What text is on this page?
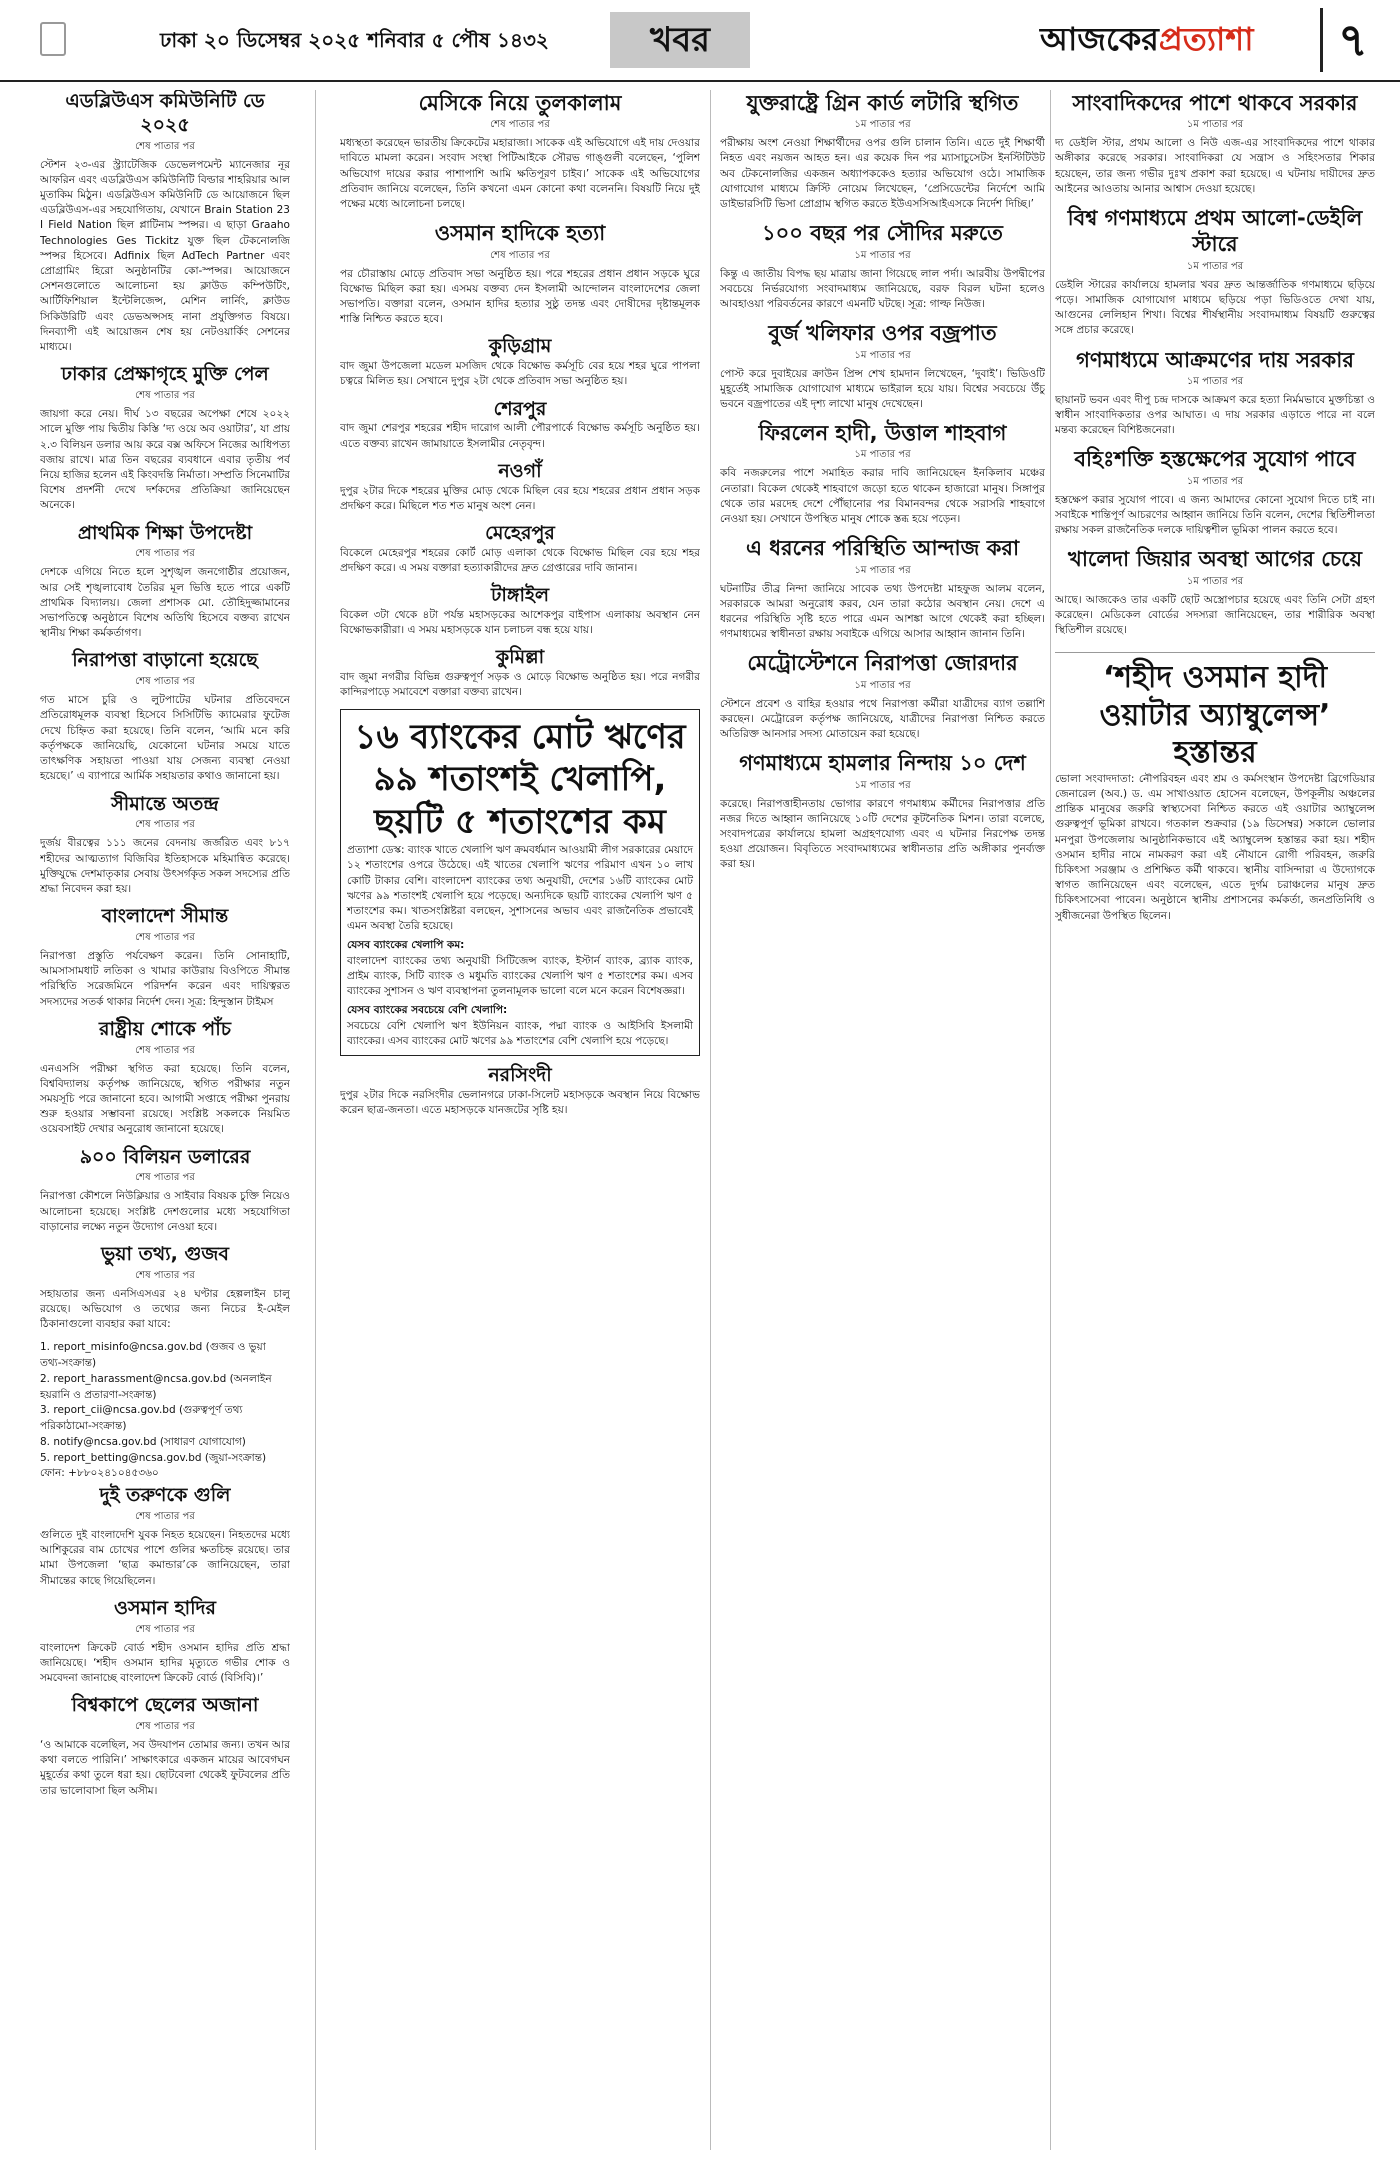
ঢাকা ২০ ডিসেম্বর ২০২৫ শনিবার ৫ পৌষ ১৪৩২	খবর	আজকেরপ্রত্যাশা	৭
এডব্লিউএস কমিউনিটি ডে ২০২৫
শেষ পাতার পর

স্টেশন ২৩-এর স্ট্র্যাটেজিক ডেভেলপমেন্ট ম্যানেজার নূর আফরিন এবং এডব্লিউএস কমিউনিটি বিল্ডার শাহরিয়ার আল মুতাকিম মিঠুন। এডব্লিউএস কমিউনিটি ডে আয়োজনে ছিল এডব্লিউএস-এর সহযোগিতায়, যেখানে Brain Station 23 I Field Nation ছিল প্লাটিনাম স্পন্সর। এ ছাড়া Graaho Technologies Ges Tickitz যুক্ত ছিল টেকনোলজি স্পন্সর হিসেবে। Adfinix ছিল AdTech Partner এবং প্রোগ্রামিং হিরো অনুষ্ঠানটির কো-স্পন্সর। আয়োজনে সেশনগুলোতে আলোচনা হয় ক্লাউড কম্পিউটিং, আর্টিফিশিয়াল ইন্টেলিজেন্স, মেশিন লার্নিং, ক্লাউড সিকিউরিটি এবং ডেভঅপ্সসহ নানা প্রযুক্তিগত বিষয়ে। দিনব্যাপী এই আয়োজন শেষ হয় নেটওয়ার্কিং সেশনের মাধ্যমে।

ঢাকার প্রেক্ষাগৃহে মুক্তি পেল
শেষ পাতার পর

জায়গা করে নেয়। দীর্ঘ ১৩ বছরের অপেক্ষা শেষে ২০২২ সালে মুক্তি পায় দ্বিতীয় কিস্তি ‘দ্য ওয়ে অব ওয়াটার’, যা প্রায় ২.৩ বিলিয়ন ডলার আয় করে বক্স অফিসে নিজের আধিপত্য বজায় রাখে। মাত্র তিন বছরের ব্যবধানে এবার তৃতীয় পর্ব নিয়ে হাজির হলেন এই কিংবদন্তি নির্মাতা। সম্প্রতি সিনেমাটির বিশেষ প্রদর্শনী দেখে দর্শকদের প্রতিক্রিয়া জানিয়েছেন অনেকে।

প্রাথমিক শিক্ষা উপদেষ্টা
শেষ পাতার পর

দেশকে এগিয়ে নিতে হলে সুশৃঙ্খল জনগোষ্ঠীর প্রয়োজন, আর সেই শৃঙ্খলাবোধ তৈরির মূল ভিত্তি হতে পারে একটি প্রাথমিক বিদ্যালয়। জেলা প্রশাসক মো. তৌহিদুজ্জামানের সভাপতিত্বে অনুষ্ঠানে বিশেষ অতিথি হিসেবে বক্তব্য রাখেন স্থানীয় শিক্ষা কর্মকর্তাগণ।

নিরাপত্তা বাড়ানো হয়েছে
শেষ পাতার পর

গত মাসে চুরি ও লুটপাটের ঘটনার প্রতিবেদনে প্রতিরোধমূলক ব্যবস্থা হিসেবে সিসিটিভি ক্যামেরার ফুটেজ দেখে চিহ্নিত করা হয়েছে। তিনি বলেন, ‘আমি মনে করি কর্তৃপক্ষকে জানিয়েছি, যেকোনো ঘটনার সময়ে যাতে তাৎক্ষণিক সহায়তা পাওয়া যায় সেজন্য ব্যবস্থা নেওয়া হয়েছে।’ এ ব্যাপারে আর্মিক সহায়তার কথাও জানানো হয়।

সীমান্তে অতন্দ্র
শেষ পাতার পর

দুর্জয় বীরত্বের ১১১ জনের বেদনায় জর্জরিত এবং ৮১৭ শহীদের আত্মত্যাগ বিজিবির ইতিহাসকে মহিমান্বিত করেছে। মুক্তিযুদ্ধে দেশমাতৃকার সেবায় উৎসর্গকৃত সকল সদস্যের প্রতি শ্রদ্ধা নিবেদন করা হয়।

বাংলাদেশ সীমান্ত
শেষ পাতার পর

নিরাপত্তা প্রস্তুতি পর্যবেক্ষণ করেন। তিনি সোনাহাটি, আমসাসামধাট লতিকা ও খামার কাউরায় বিওপিতে সীমান্ত পরিস্থিতি সরেজমিনে পরিদর্শন করেন এবং দায়িত্বরত সদস্যদের সতর্ক থাকার নির্দেশ দেন। সূত্র: হিন্দুস্তান টাইমস

রাষ্ট্রীয় শোকে পাঁচ
শেষ পাতার পর

এনএসসি পরীক্ষা স্থগিত করা হয়েছে। তিনি বলেন, বিশ্ববিদ্যালয় কর্তৃপক্ষ জানিয়েছে, স্থগিত পরীক্ষার নতুন সময়সূচি পরে জানানো হবে। আগামী সপ্তাহে পরীক্ষা পুনরায় শুরু হওয়ার সম্ভাবনা রয়েছে। সংশ্লিষ্ট সকলকে নিয়মিত ওয়েবসাইট দেখার অনুরোধ জানানো হয়েছে।

৯০০ বিলিয়ন ডলারের
শেষ পাতার পর

নিরাপত্তা কৌশলে নিউক্লিয়ার ও সাইবার বিষয়ক চুক্তি নিয়েও আলোচনা হয়েছে। সংশ্লিষ্ট দেশগুলোর মধ্যে সহযোগিতা বাড়ানোর লক্ষ্যে নতুন উদ্যোগ নেওয়া হবে।

ভুয়া তথ্য, গুজব
শেষ পাতার পর

সহায়তার জন্য এনসিএসএর ২৪ ঘণ্টার হেল্পলাইন চালু রয়েছে। অভিযোগ ও তথ্যের জন্য নিচের ই-মেইল ঠিকানাগুলো ব্যবহার করা যাবে:

1. report_misinfo@ncsa.gov.bd (গুজব ও ভুয়া তথ্য-সংক্রান্ত)
2. report_harassment@ncsa.gov.bd (অনলাইন হয়রানি ও প্রতারণা-সংক্রান্ত)
3. report_cii@ncsa.gov.bd (গুরুত্বপূর্ণ তথ্য পরিকাঠামো-সংক্রান্ত)
8. notify@ncsa.gov.bd (সাধারণ যোগাযোগ)
5. report_betting@ncsa.gov.bd (জুয়া-সংক্রান্ত)
ফোন: +৮৮০২৪১০৪৫৩৬০
দুই তরুণকে গুলি
শেষ পাতার পর

গুলিতে দুই বাংলাদেশি যুবক নিহত হয়েছেন। নিহতদের মধ্যে আশিকুরের বাম চোখের পাশে গুলির ক্ষতচিহ্ন রয়েছে। তার মামা উপজেলা ‘ছাত্র কমান্ডার’কে জানিয়েছেন, তারা সীমান্তের কাছে গিয়েছিলেন।

ওসমান হাদির
শেষ পাতার পর

বাংলাদেশ ক্রিকেট বোর্ড শহীদ ওসমান হাদির প্রতি শ্রদ্ধা জানিয়েছে। ‘শহীদ ওসমান হাদির মৃত্যুতে গভীর শোক ও সমবেদনা জানাচ্ছে বাংলাদেশ ক্রিকেট বোর্ড (বিসিবি)।’

বিশ্বকাপে ছেলের অজানা
শেষ পাতার পর

‘ও আমাকে বলেছিল, সব উদযাপন তোমার জন্য। তখন আর কথা বলতে পারিনি।’ সাক্ষাৎকারে একজন মায়ের আবেগঘন মুহূর্তের কথা তুলে ধরা হয়। ছোটবেলা থেকেই ফুটবলের প্রতি তার ভালোবাসা ছিল অসীম।

মেসিকে নিয়ে তুলকালাম
শেষ পাতার পর

মধ্যস্থতা করেছেন ভারতীয় ক্রিকেটের মহারাজা। সাকেক এই অভিযোগে এই দায় দেওয়ার দাবিতে মামলা করেন। সংবাদ সংস্থা পিটিআইকে সৌরভ গাঙ্গুলী বলেছেন, ‘পুলিশ অভিযোগ দায়ের করার পাশাপাশি আমি ক্ষতিপূরণ চাইব।’ সাকেক এই অভিযোগের প্রতিবাদ জানিয়ে বলেছেন, তিনি কখনো এমন কোনো কথা বলেননি। বিষয়টি নিয়ে দুই পক্ষের মধ্যে আলোচনা চলছে।

ওসমান হাদিকে হত্যা
শেষ পাতার পর

পর চৌরাস্তায় মোড়ে প্রতিবাদ সভা অনুষ্ঠিত হয়। পরে শহরের প্রধান প্রধান সড়কে ঘুরে বিক্ষোভ মিছিল করা হয়। এসময় বক্তব্য দেন ইসলামী আন্দোলন বাংলাদেশের জেলা সভাপতি। বক্তারা বলেন, ওসমান হাদির হত্যার সুষ্ঠু তদন্ত এবং দোষীদের দৃষ্টান্তমূলক শাস্তি নিশ্চিত করতে হবে।

কুড়িগ্রাম

বাদ জুমা উপজেলা মডেল মসজিদ থেকে বিক্ষোভ কর্মসূচি বের হয়ে শহর ঘুরে পাপলা চত্বরে মিলিত হয়। সেখানে দুপুর ২টা থেকে প্রতিবাদ সভা অনুষ্ঠিত হয়।

শেরপুর

বাদ জুমা শেরপুর শহরের শহীদ দারোগ আলী পৌরপার্কে বিক্ষোভ কর্মসূচি অনুষ্ঠিত হয়। এতে বক্তব্য রাখেন জামায়াতে ইসলামীর নেতৃবৃন্দ।

নওগাঁ

দুপুর ২টার দিকে শহরের মুক্তির মোড় থেকে মিছিল বের হয়ে শহরের প্রধান প্রধান সড়ক প্রদক্ষিণ করে। মিছিলে শত শত মানুষ অংশ নেন।

মেহেরপুর

বিকেলে মেহেরপুর শহরের কোর্ট মোড় এলাকা থেকে বিক্ষোভ মিছিল বের হয়ে শহর প্রদক্ষিণ করে। এ সময় বক্তারা হত্যাকারীদের দ্রুত গ্রেপ্তারের দাবি জানান।

টাঙ্গাইল

বিকেল ৩টা থেকে ৪টা পর্যন্ত মহাসড়কের আশেকপুর বাইপাস এলাকায় অবস্থান নেন বিক্ষোভকারীরা। এ সময় মহাসড়কে যান চলাচল বন্ধ হয়ে যায়।

কুমিল্লা

বাদ জুমা নগরীর বিভিন্ন গুরুত্বপূর্ণ সড়ক ও মোড়ে বিক্ষোভ অনুষ্ঠিত হয়। পরে নগরীর কান্দিরপাড়ে সমাবেশে বক্তারা বক্তব্য রাখেন।

১৬ ব্যাংকের মোট ঋণের ৯৯ শতাংশই খেলাপি, ছয়টি ৫ শতাংশের কম

প্রত্যাশা ডেস্ক: ব্যাংক খাতে খেলাপি ঋণ ক্রমবর্ধমান আওয়ামী লীগ সরকারের মেয়াদে ১২ শতাংশের ওপরে উঠেছে। এই খাতের খেলাপি ঋণের পরিমাণ এখন ১০ লাখ কোটি টাকার বেশি। বাংলাদেশ ব্যাংকের তথ্য অনুযায়ী, দেশের ১৬টি ব্যাংকের মোট ঋণের ৯৯ শতাংশই খেলাপি হয়ে পড়েছে। অন্যদিকে ছয়টি ব্যাংকের খেলাপি ঋণ ৫ শতাংশের কম। খাতসংশ্লিষ্টরা বলছেন, সুশাসনের অভাব এবং রাজনৈতিক প্রভাবেই এমন অবস্থা তৈরি হয়েছে।

যেসব ব্যাংকের খেলাপি কম:

বাংলাদেশ ব্যাংকের তথ্য অনুযায়ী সিটিজেন্স ব্যাংক, ইস্টার্ন ব্যাংক, ব্র্যাক ব্যাংক, প্রাইম ব্যাংক, সিটি ব্যাংক ও মধুমতি ব্যাংকের খেলাপি ঋণ ৫ শতাংশের কম। এসব ব্যাংকের সুশাসন ও ঋণ ব্যবস্থাপনা তুলনামূলক ভালো বলে মনে করেন বিশেষজ্ঞরা।

যেসব ব্যাংকের সবচেয়ে বেশি খেলাপি:

সবচেয়ে বেশি খেলাপি ঋণ ইউনিয়ন ব্যাংক, পদ্মা ব্যাংক ও আইসিবি ইসলামী ব্যাংকের। এসব ব্যাংকের মোট ঋণের ৯৯ শতাংশের বেশি খেলাপি হয়ে পড়েছে।

নরসিংদী

দুপুর ২টার দিকে নরসিংদীর ভেলানগরে ঢাকা-সিলেট মহাসড়কে অবস্থান নিয়ে বিক্ষোভ করেন ছাত্র-জনতা। এতে মহাসড়কে যানজটের সৃষ্টি হয়।

যুক্তরাষ্ট্রে গ্রিন কার্ড লটারি স্থগিত
১ম পাতার পর

পরীক্ষায় অংশ নেওয়া শিক্ষার্থীদের ওপর গুলি চালান তিনি। এতে দুই শিক্ষার্থী নিহত এবং নয়জন আহত হন। এর কয়েক দিন পর ম্যাসাচুসেটস ইনস্টিটিউট অব টেকনোলজির একজন অধ্যাপককেও হত্যার অভিযোগ ওঠে। সামাজিক যোগাযোগ মাধ্যমে ক্রিস্টি নোয়েম লিখেছেন, ‘প্রেসিডেন্টের নির্দেশে আমি ডাইভারসিটি ভিসা প্রোগ্রাম স্থগিত করতে ইউএসসিআইএসকে নির্দেশ দিচ্ছি।’

১০০ বছর পর সৌদির মরুতে
১ম পাতার পর

কিন্তু এ জাতীয় বিপদ্ধ ছয় মাত্রায় জানা গিয়েছে লাল পর্দা। আরবীয় উপদ্বীপের সবচেয়ে নির্ভরযোগ্য সংবাদমাধ্যম জানিয়েছে, বরফ বিরল ঘটনা হলেও আবহাওয়া পরিবর্তনের কারণে এমনটি ঘটছে। সূত্র: গাল্ফ নিউজ।

বুর্জ খলিফার ওপর বজ্রপাত
১ম পাতার পর

পোস্ট করে দুবাইয়ের ক্রাউন প্রিন্স শেখ হামদান লিখেছেন, ‘দুবাই’। ভিডিওটি মুহূর্তেই সামাজিক যোগাযোগ মাধ্যমে ভাইরাল হয়ে যায়। বিশ্বের সবচেয়ে উঁচু ভবনে বজ্রপাতের এই দৃশ্য লাখো মানুষ দেখেছেন।

ফিরলেন হাদী, উত্তাল শাহবাগ
১ম পাতার পর

কবি নজরুলের পাশে সমাহিত করার দাবি জানিয়েছেন ইনকিলাব মঞ্চের নেতারা। বিকেল থেকেই শাহবাগে জড়ো হতে থাকেন হাজারো মানুষ। সিঙ্গাপুর থেকে তার মরদেহ দেশে পৌঁছানোর পর বিমানবন্দর থেকে সরাসরি শাহবাগে নেওয়া হয়। সেখানে উপস্থিত মানুষ শোকে স্তব্ধ হয়ে পড়েন।

এ ধরনের পরিস্থিতি আন্দাজ করা
১ম পাতার পর

ঘটনাটির তীব্র নিন্দা জানিয়ে সাবেক তথ্য উপদেষ্টা মাহফুজ আলম বলেন, সরকারকে আমরা অনুরোধ করব, যেন তারা কঠোর অবস্থান নেয়। দেশে এ ধরনের পরিস্থিতি সৃষ্টি হতে পারে এমন আশঙ্কা আগে থেকেই করা হচ্ছিল। গণমাধ্যমের স্বাধীনতা রক্ষায় সবাইকে এগিয়ে আসার আহ্বান জানান তিনি।

মেট্রোস্টেশনে নিরাপত্তা জোরদার
১ম পাতার পর

স্টেশনে প্রবেশ ও বাহির হওয়ার পথে নিরাপত্তা কর্মীরা যাত্রীদের ব্যাগ তল্লাশি করছেন। মেট্রোরেল কর্তৃপক্ষ জানিয়েছে, যাত্রীদের নিরাপত্তা নিশ্চিত করতে অতিরিক্ত আনসার সদস্য মোতায়েন করা হয়েছে।

গণমাধ্যমে হামলার নিন্দায় ১০ দেশ
১ম পাতার পর

করেছে। নিরাপত্তাহীনতায় ভোগার কারণে গণমাধ্যম কর্মীদের নিরাপত্তার প্রতি নজর দিতে আহ্বান জানিয়েছে ১০টি দেশের কূটনৈতিক মিশন। তারা বলেছে, সংবাদপত্রের কার্যালয়ে হামলা অগ্রহণযোগ্য এবং এ ঘটনার নিরপেক্ষ তদন্ত হওয়া প্রয়োজন। বিবৃতিতে সংবাদমাধ্যমের স্বাধীনতার প্রতি অঙ্গীকার পুনর্ব্যক্ত করা হয়।

সাংবাদিকদের পাশে থাকবে সরকার
১ম পাতার পর

দ্য ডেইলি স্টার, প্রথম আলো ও নিউ এজ-এর সাংবাদিকদের পাশে থাকার অঙ্গীকার করেছে সরকার। সাংবাদিকরা যে সন্ত্রাস ও সহিংসতার শিকার হয়েছেন, তার জন্য গভীর দুঃখ প্রকাশ করা হয়েছে। এ ঘটনায় দায়ীদের দ্রুত আইনের আওতায় আনার আশ্বাস দেওয়া হয়েছে।

বিশ্ব গণমাধ্যমে প্রথম আলো-ডেইলি স্টারে
১ম পাতার পর

ডেইলি স্টারের কার্যালয়ে হামলার খবর দ্রুত আন্তর্জাতিক গণমাধ্যমে ছড়িয়ে পড়ে। সামাজিক যোগাযোগ মাধ্যমে ছড়িয়ে পড়া ভিডিওতে দেখা যায়, আগুনের লেলিহান শিখা। বিশ্বের শীর্ষস্থানীয় সংবাদমাধ্যম বিষয়টি গুরুত্বের সঙ্গে প্রচার করেছে।

গণমাধ্যমে আক্রমণের দায় সরকার
১ম পাতার পর

ছায়ানট ভবন এবং দীপু চন্দ্র দাসকে আক্রমণ করে হত্যা নির্মমভাবে মুক্তচিন্তা ও স্বাধীন সাংবাদিকতার ওপর আঘাত। এ দায় সরকার এড়াতে পারে না বলে মন্তব্য করেছেন বিশিষ্টজনেরা।

বহিঃশক্তি হস্তক্ষেপের সুযোগ পাবে
১ম পাতার পর

হস্তক্ষেপ করার সুযোগ পাবে। এ জন্য আমাদের কোনো সুযোগ দিতে চাই না। সবাইকে শান্তিপূর্ণ আচরণের আহ্বান জানিয়ে তিনি বলেন, দেশের স্থিতিশীলতা রক্ষায় সকল রাজনৈতিক দলকে দায়িত্বশীল ভূমিকা পালন করতে হবে।

খালেদা জিয়ার অবস্থা আগের চেয়ে
১ম পাতার পর

আছে। আজকেও তার একটি ছোট অস্ত্রোপচার হয়েছে এবং তিনি সেটা গ্রহণ করেছেন। মেডিকেল বোর্ডের সদস্যরা জানিয়েছেন, তার শারীরিক অবস্থা স্থিতিশীল রয়েছে।

‘শহীদ ওসমান হাদী ওয়াটার অ্যাম্বুলেন্স’ হস্তান্তর

ভোলা সংবাদদাতা: নৌপরিবহন এবং শ্রম ও কর্মসংস্থান উপদেষ্টা ব্রিগেডিয়ার জেনারেল (অব.) ড. এম সাখাওয়াত হোসেন বলেছেন, উপকূলীয় অঞ্চলের প্রান্তিক মানুষের জরুরি স্বাস্থ্যসেবা নিশ্চিত করতে এই ওয়াটার অ্যাম্বুলেন্স গুরুত্বপূর্ণ ভূমিকা রাখবে। গতকাল শুক্রবার (১৯ ডিসেম্বর) সকালে ভোলার মনপুরা উপজেলায় আনুষ্ঠানিকভাবে এই অ্যাম্বুলেন্স হস্তান্তর করা হয়। শহীদ ওসমান হাদীর নামে নামকরণ করা এই নৌযানে রোগী পরিবহন, জরুরি চিকিৎসা সরঞ্জাম ও প্রশিক্ষিত কর্মী থাকবে। স্থানীয় বাসিন্দারা এ উদ্যোগকে স্বাগত জানিয়েছেন এবং বলেছেন, এতে দুর্গম চরাঞ্চলের মানুষ দ্রুত চিকিৎসাসেবা পাবেন। অনুষ্ঠানে স্থানীয় প্রশাসনের কর্মকর্তা, জনপ্রতিনিধি ও সুধীজনেরা উপস্থিত ছিলেন।
